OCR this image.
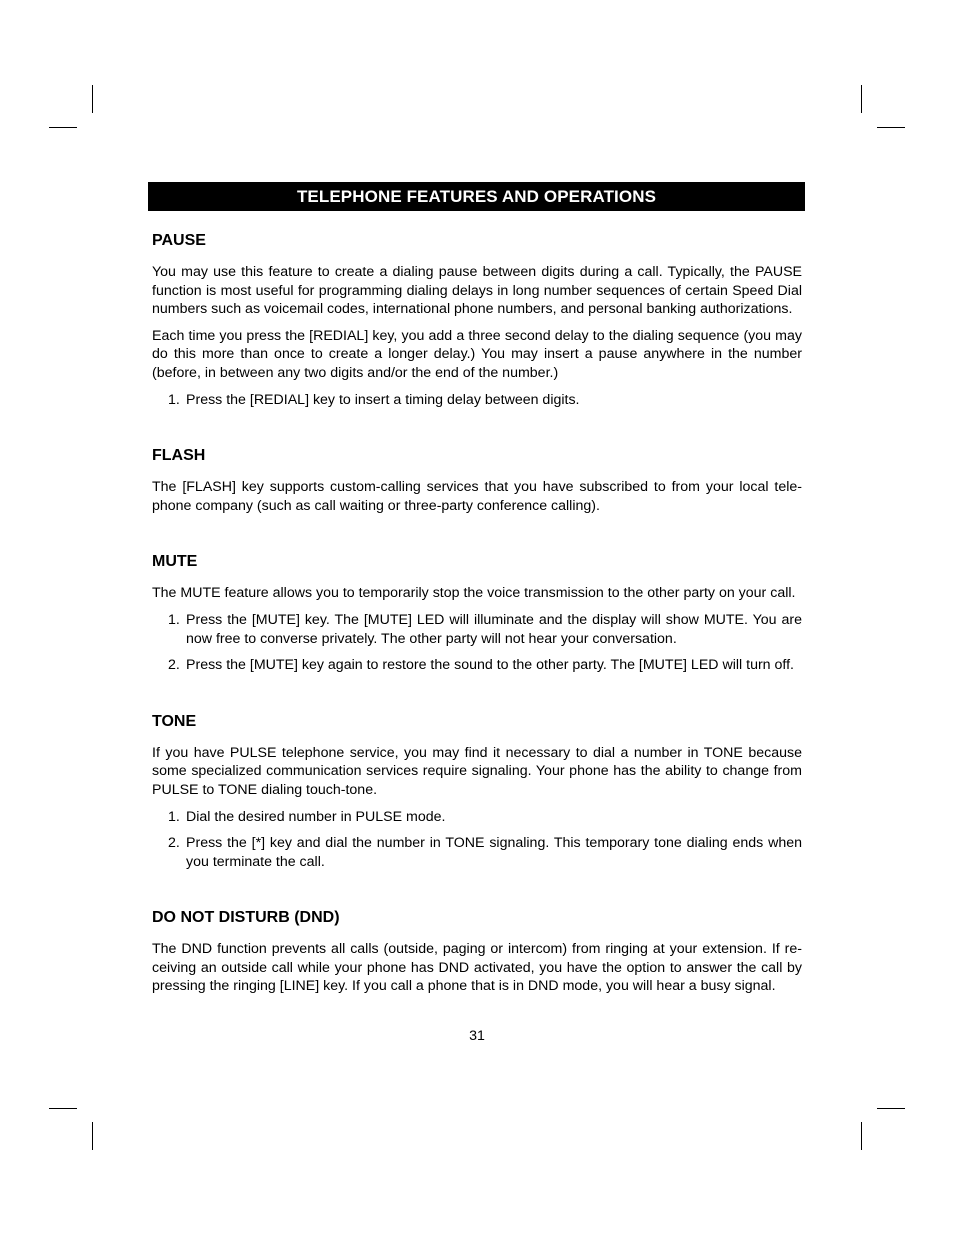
TELEPHONE FEATURES AND OPERATIONS
PAUSE

You may use this feature to create a dialing pause between digits during a call. Typically, the PAUSE function is most useful for programming dialing delays in long number sequences of certain Speed Dial numbers such as voicemail codes, international phone numbers, and personal banking authorizations.

Each time you press the [REDIAL] key, you add a three second delay to the dialing sequence (you may do this more than once to create a longer delay.) You may insert a pause anywhere in the number (before, in between any two digits and/or the end of the number.)

1. Press the [REDIAL] key to insert a timing delay between digits.
FLASH

The [FLASH] key supports custom-calling services that you have subscribed to from your local tele-phone company (such as call waiting or three-party conference calling).

MUTE

The MUTE feature allows you to temporarily stop the voice transmission to the other party on your call.

1. Press the [MUTE] key. The [MUTE] LED will illuminate and the display will show MUTE. You are now free to converse privately. The other party will not hear your conversation.
2. Press the [MUTE] key again to restore the sound to the other party. The [MUTE] LED will turn off.
TONE

If you have PULSE telephone service, you may find it necessary to dial a number in TONE because some specialized communication services require signaling. Your phone has the ability to change from PULSE to TONE dialing touch-tone.

1. Dial the desired number in PULSE mode.
2. Press the [*] key and dial the number in TONE signaling. This temporary tone dialing ends when you terminate the call.
DO NOT DISTURB (DND)

The DND function prevents all calls (outside, paging or intercom) from ringing at your extension. If re-ceiving an outside call while your phone has DND activated, you have the option to answer the call by pressing the ringing [LINE] key. If you call a phone that is in DND mode, you will hear a busy signal.

31
